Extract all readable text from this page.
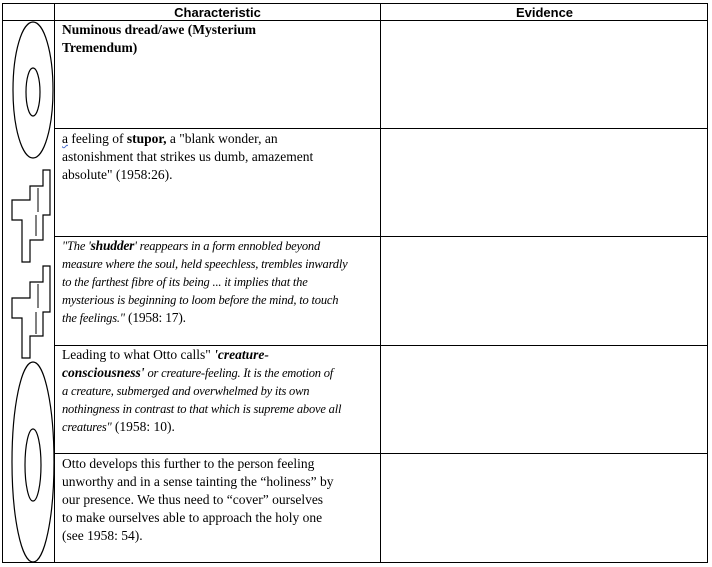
Characteristic	Evidence
Numinous dread/awe (Mysterium
Tremendum)
a feeling of stupor, a "blank wonder, an
astonishment that strikes us dumb, amazement
absolute" (1958:26).
"The 'shudder' reappears in a form ennobled beyond
measure where the soul, held speechless, trembles inwardly
to the farthest fibre of its being ... it implies that the
mysterious is beginning to loom before the mind, to touch
the feelings." (1958: 17).
Leading to what Otto calls" 'creature-
consciousness' or creature-feeling. It is the emotion of
a creature, submerged and overwhelmed by its own
nothingness in contrast to that which is supreme above all
creatures" (1958: 10).
Otto develops this further to the person feeling
unworthy and in a sense tainting the “holiness” by
our presence. We thus need to “cover” ourselves
to make ourselves able to approach the holy one
(see 1958: 54).
